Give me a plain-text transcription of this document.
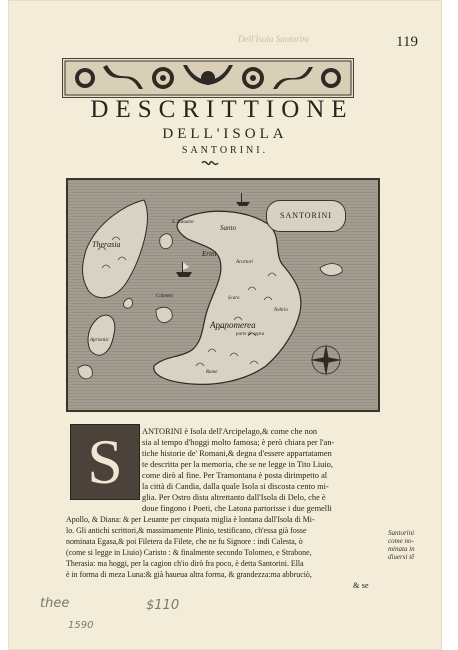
Dell'Isola Santorini	119
DESCRITTIONE
DELL'ISOLA
SANTORINI.
SANTORINI
Therasia
S. Saluator
Santo
Erini
Acortori
Caimeni	Scaro
Nebrio
Apanomerea
parte di sopra
Aprionisi
Rame
S	ANTORINI è Isola dell'Arcipelago,& come che non
sia al tempo d'hoggi molto famosa; è però chiara per l'an-
tiche historie de' Romani,& degna d'essere appartatamen
te descritta per la memoria, che se ne legge in Tito Liuio,
come dirò al fine. Per Tramontana è posta dirimpetto al
la città di Candia, dalla quale Isola si discosta cento mi-
glia. Per Ostro dista altrettanto dall'Isola di Delo, che è
doue fingono i Poeti, che Latona partorisse i due gemelli
Apollo, & Diana: & per Leuante per cinquata miglia è lontana dall'Isola di Mi-
lo. Gli antichi scrittori,& massimamente Plinio, testificano, ch'essa già fosse
nominata Egasa,& poi Filetera da Filete, che ne fu Signore : indi Calesta, ò
(come si legge in Liuio) Caristo : & finalmente secondo Tolomeo, e Strabone,
Therasia: ma hoggi, per la cagion ch'io dirò fra poco, è detta Santorini. Ella
è in forma di meza Luna:& già haueua altra forma, & grandezza:ma abbruciò,
& se
Santorini
come no-
minata in
diuersi tẽ
thee
1590
$110
